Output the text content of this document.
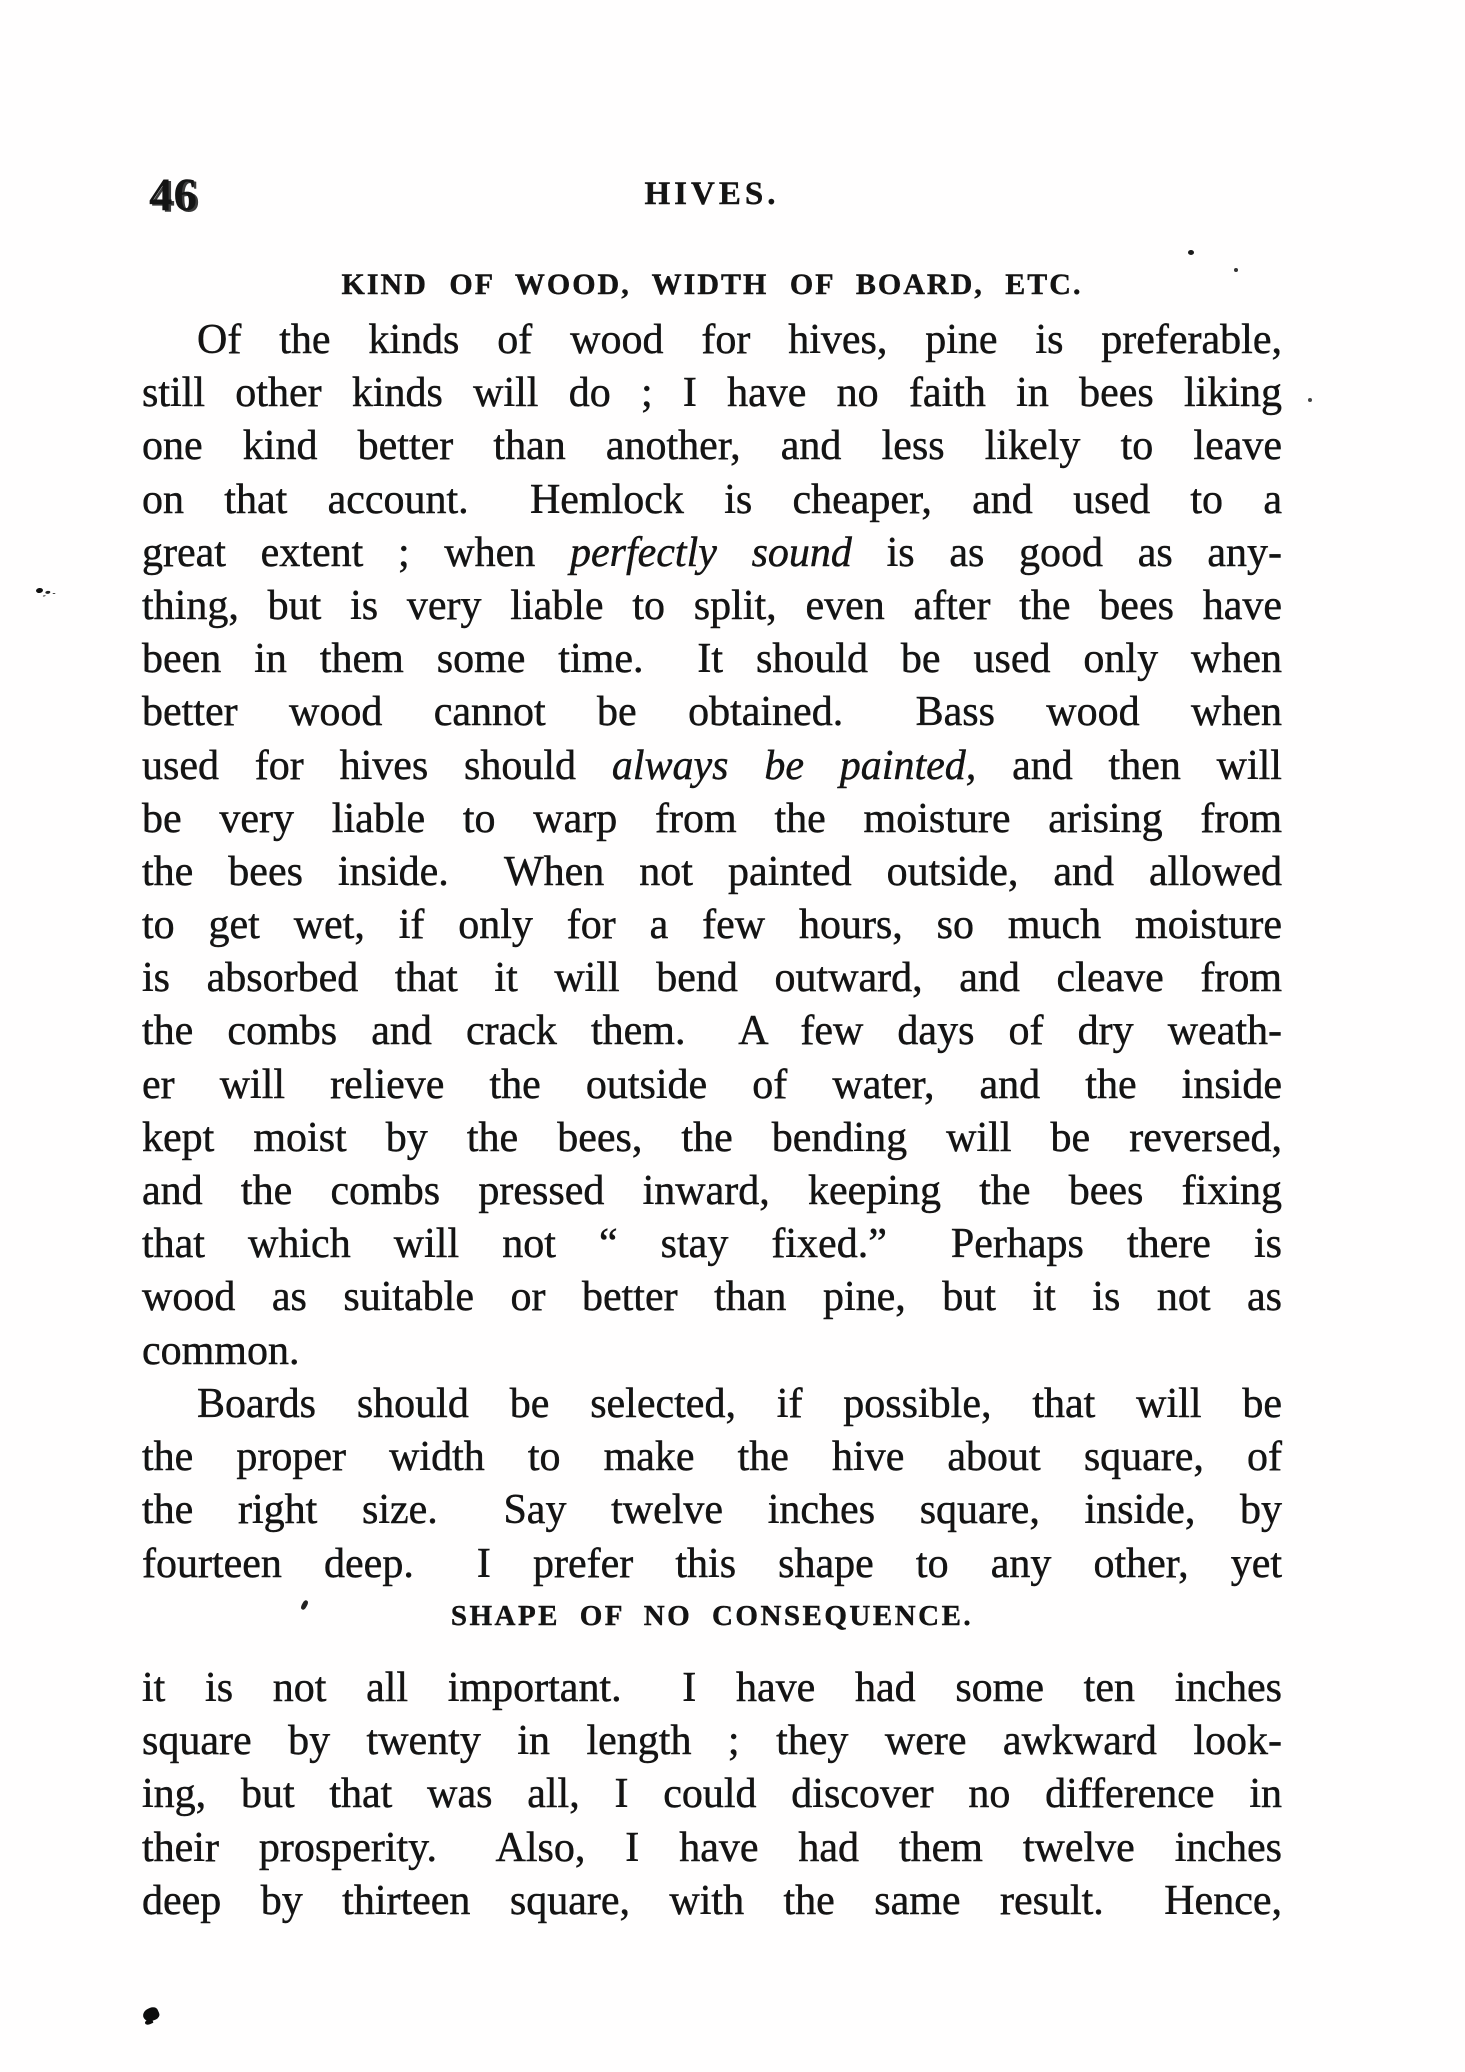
46	HIVES.
KIND OF WOOD, WIDTH OF BOARD, ETC.
Of the kinds of wood for hives, pine is preferable,
still other kinds will do ; I have no faith in bees liking
one kind better than another, and less likely to leave
on that account.  Hemlock is cheaper, and used to a
great extent ; when perfectly sound is as good as any-
thing, but is very liable to split, even after the bees have
been in them some time.  It should be used only when
better wood cannot be obtained.  Bass wood when
used for hives should always be painted, and then will
be very liable to warp from the moisture arising from
the bees inside.  When not painted outside, and allowed
to get wet, if only for a few hours, so much moisture
is absorbed that it will bend outward, and cleave from
the combs and crack them.  A few days of dry weath-
er will relieve the outside of water, and the inside
kept moist by the bees, the bending will be reversed,
and the combs pressed inward, keeping the bees fixing
that which will not “ stay fixed.”  Perhaps there is
wood as suitable or better than pine, but it is not as
common.
Boards should be selected, if possible, that will be
the proper width to make the hive about square, of
the right size.  Say twelve inches square, inside, by
fourteen deep.  I prefer this shape to any other, yet
SHAPE OF NO CONSEQUENCE.
it is not all important.  I have had some ten inches
square by twenty in length ; they were awkward look-
ing, but that was all, I could discover no difference in
their prosperity.  Also, I have had them twelve inches
deep by thirteen square, with the same result.  Hence,
